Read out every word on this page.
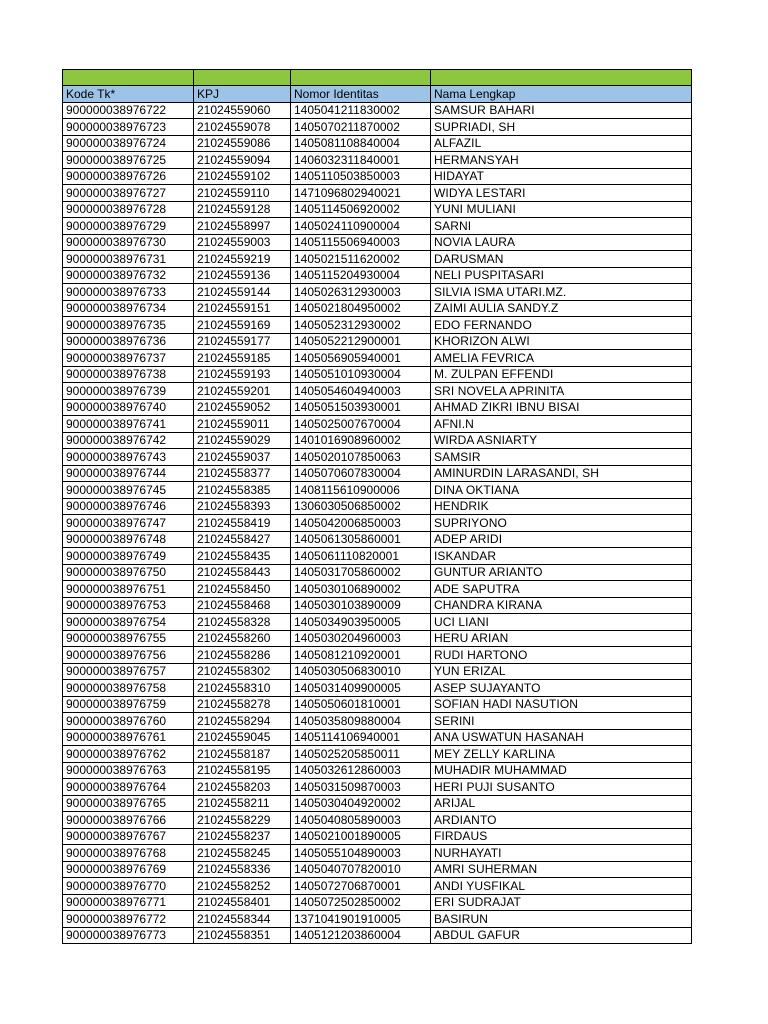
Kode Tk*	KPJ	Nomor Identitas	Nama Lengkap
900000038976722	21024559060	1405041211830002	SAMSUR BAHARI
900000038976723	21024559078	1405070211870002	SUPRIADI, SH
900000038976724	21024559086	1405081108840004	ALFAZIL
900000038976725	21024559094	1406032311840001	HERMANSYAH
900000038976726	21024559102	1405110503850003	HIDAYAT
900000038976727	21024559110	1471096802940021	WIDYA LESTARI
900000038976728	21024559128	1405114506920002	YUNI MULIANI
900000038976729	21024558997	1405024110900004	SARNI
900000038976730	21024559003	1405115506940003	NOVIA LAURA
900000038976731	21024559219	1405021511620002	DARUSMAN
900000038976732	21024559136	1405115204930004	NELI PUSPITASARI
900000038976733	21024559144	1405026312930003	SILVIA ISMA UTARI.MZ.
900000038976734	21024559151	1405021804950002	ZAIMI AULIA SANDY.Z
900000038976735	21024559169	1405052312930002	EDO FERNANDO
900000038976736	21024559177	1405052212900001	KHORIZON ALWI
900000038976737	21024559185	1405056905940001	AMELIA FEVRICA
900000038976738	21024559193	1405051010930004	M. ZULPAN EFFENDI
900000038976739	21024559201	1405054604940003	SRI NOVELA APRINITA
900000038976740	21024559052	1405051503930001	AHMAD ZIKRI IBNU BISAI
900000038976741	21024559011	1405025007670004	AFNI.N
900000038976742	21024559029	1401016908960002	WIRDA ASNIARTY
900000038976743	21024559037	1405020107850063	SAMSIR
900000038976744	21024558377	1405070607830004	AMINURDIN LARASANDI, SH
900000038976745	21024558385	1408115610900006	DINA OKTIANA
900000038976746	21024558393	1306030506850002	HENDRIK
900000038976747	21024558419	1405042006850003	SUPRIYONO
900000038976748	21024558427	1405061305860001	ADEP ARIDI
900000038976749	21024558435	1405061110820001	ISKANDAR
900000038976750	21024558443	1405031705860002	GUNTUR ARIANTO
900000038976751	21024558450	1405030106890002	ADE SAPUTRA
900000038976753	21024558468	1405030103890009	CHANDRA KIRANA
900000038976754	21024558328	1405034903950005	UCI LIANI
900000038976755	21024558260	1405030204960003	HERU ARIAN
900000038976756	21024558286	1405081210920001	RUDI HARTONO
900000038976757	21024558302	1405030506830010	YUN ERIZAL
900000038976758	21024558310	1405031409900005	ASEP SUJAYANTO
900000038976759	21024558278	1405050601810001	SOFIAN HADI NASUTION
900000038976760	21024558294	1405035809880004	SERINI
900000038976761	21024559045	1405114106940001	ANA USWATUN HASANAH
900000038976762	21024558187	1405025205850011	MEY ZELLY KARLINA
900000038976763	21024558195	1405032612860003	MUHADIR MUHAMMAD
900000038976764	21024558203	1405031509870003	HERI PUJI SUSANTO
900000038976765	21024558211	1405030404920002	ARIJAL
900000038976766	21024558229	1405040805890003	ARDIANTO
900000038976767	21024558237	1405021001890005	FIRDAUS
900000038976768	21024558245	1405055104890003	NURHAYATI
900000038976769	21024558336	1405040707820010	AMRI SUHERMAN
900000038976770	21024558252	1405072706870001	ANDI YUSFIKAL
900000038976771	21024558401	1405072502850002	ERI SUDRAJAT
900000038976772	21024558344	1371041901910005	BASIRUN
900000038976773	21024558351	1405121203860004	ABDUL GAFUR
